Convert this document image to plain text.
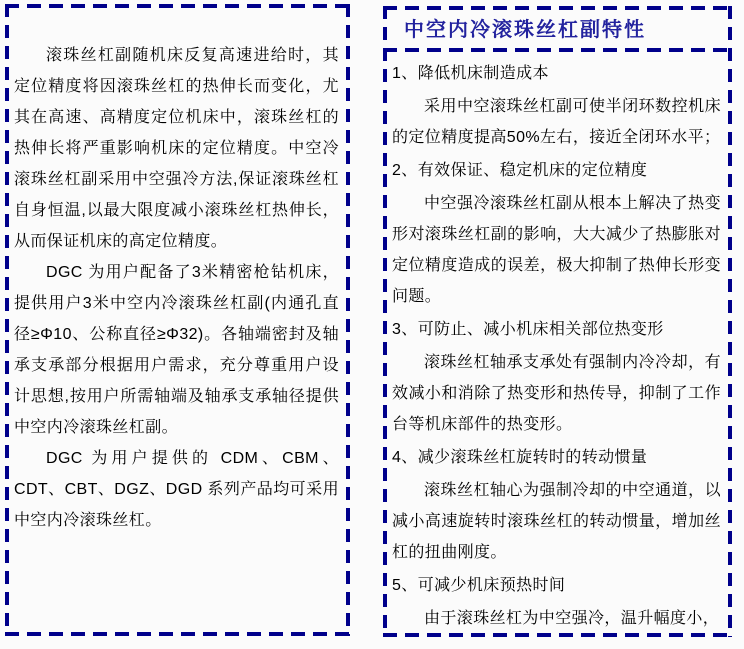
滚珠丝杠副随机床反复高速进给时，其定位精度将因滚珠丝杠的热伸长而变化，尤其在高速、高精度定位机床中，滚珠丝杠的热伸长将严重影响机床的定位精度。中空冷滚珠丝杠副采用中空强冷方法,保证滚珠丝杠自身恒温,以最大限度减小滚珠丝杠热伸长，从而保证机床的高定位精度。

DGC 为用户配备了3米精密枪钻机床，提供用户3米中空内冷滚珠丝杠副(内通孔直径≥Φ10、公称直径≥Φ32)。各轴端密封及轴承支承部分根据用户需求，充分尊重用户设计思想,按用户所需轴端及轴承支承轴径提供中空内冷滚珠丝杠副。

DGC 为用户提供的 CDM、CBM、CDT、CBT、DGZ、DGD 系列产品均可采用中空内冷滚珠丝杠。

中空内冷滚珠丝杠副特性

1、降低机床制造成本

采用中空滚珠丝杠副可使半闭环数控机床的定位精度提高50%左右，接近全闭环水平；

2、有效保证、稳定机床的定位精度

中空强冷滚珠丝杠副从根本上解决了热变形对滚珠丝杠副的影响，大大减少了热膨胀对定位精度造成的误差，极大抑制了热伸长形变问题。

3、可防止、减小机床相关部位热变形

滚珠丝杠轴承支承处有强制内冷冷却，有效减小和消除了热变形和热传导，抑制了工作台等机床部件的热变形。

4、减少滚珠丝杠旋转时的转动惯量

滚珠丝杠轴心为强制冷却的中空通道，以减小高速旋转时滚珠丝杠的转动惯量，增加丝杠的扭曲刚度。

5、可减少机床预热时间

由于滚珠丝杠为中空强冷，温升幅度小，
